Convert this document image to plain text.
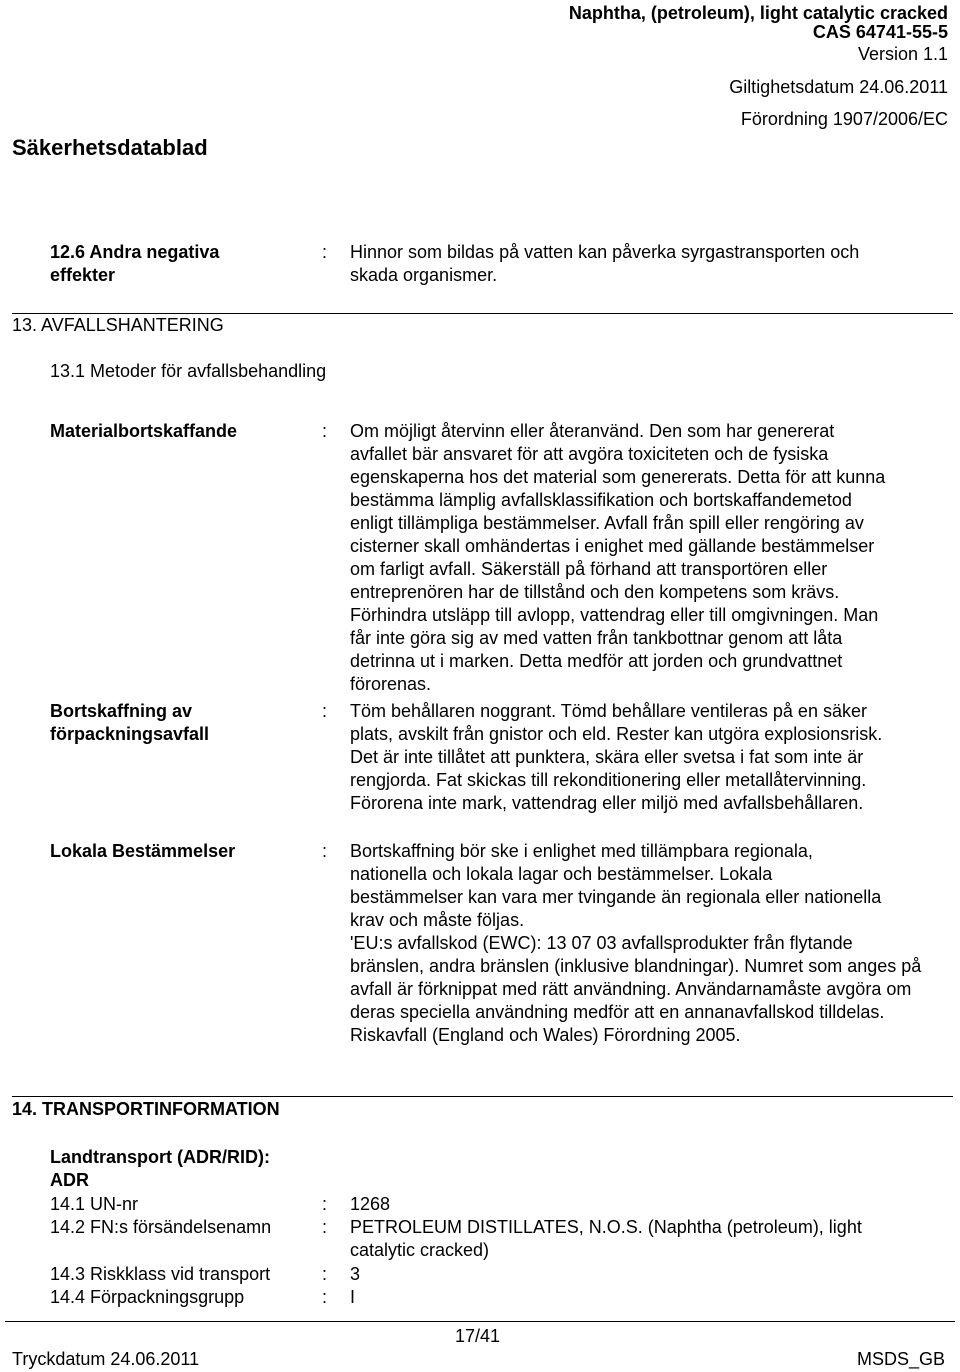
Naphtha, (petroleum), light catalytic cracked
CAS 64741-55-5
Version 1.1
Giltighetsdatum 24.06.2011
Förordning 1907/2006/EC
Säkerhetsdatablad
12.6 Andra negativa effekter
:	Hinnor som bildas på vatten kan påverka syrgastransporten och skada organismer.
13. AVFALLSHANTERING
13.1 Metoder för avfallsbehandling
Materialbortskaffande	:	Om möjligt återvinn eller återanvänd. Den som har genererat avfallet bär ansvaret för att avgöra toxiciteten och de fysiska egenskaperna hos det material som genererats. Detta för att kunna bestämma lämplig avfallsklassifikation och bortskaffandemetod enligt tillämpliga bestämmelser. Avfall från spill eller rengöring av cisterner skall omhändertas i enighet med gällande bestämmelser om farligt avfall. Säkerställ på förhand att transportören eller entreprenören har de tillstånd och den kompetens som krävs. Förhindra utsläpp till avlopp, vattendrag eller till omgivningen. Man får inte göra sig av med vatten från tankbottnar genom att låta detrinna ut i marken. Detta medför att jorden och grundvattnet förorenas.
Bortskaffning av förpackningsavfall
:	Töm behållaren noggrant. Tömd behållare ventileras på en säker plats, avskilt från gnistor och eld. Rester kan utgöra explosionsrisk. Det är inte tillåtet att punktera, skära eller svetsa i fat som inte är rengjorda. Fat skickas till rekonditionering eller metallåtervinning. Förorena inte mark, vattendrag eller miljö med avfallsbehållaren.
Lokala Bestämmelser	:	Bortskaffning bör ske i enlighet med tillämpbara regionala, nationella och lokala lagar och bestämmelser. Lokala bestämmelser kan vara mer tvingande än regionala eller nationella krav och måste följas.

'EU:s avfallskod (EWC): 13 07 03 avfallsprodukter från flytande bränslen, andra bränslen (inklusive blandningar). Numret som anges på avfall är förknippat med rätt användning. Användarnamåste avgöra om deras speciella användning medför att en annanavfallskod tilldelas.

Riskavfall (England och Wales) Förordning 2005.

14. TRANSPORTINFORMATION
Landtransport (ADR/RID): ADR
14.1 UN-nr	:	1268
14.2 FN:s försändelsenamn	:	PETROLEUM DISTILLATES, N.O.S. (Naphtha (petroleum), light catalytic cracked)
14.3 Riskklass vid transport	:	3
14.4 Förpackningsgrupp	:	I
17/41
Tryckdatum 24.06.2011	MSDS_GB
